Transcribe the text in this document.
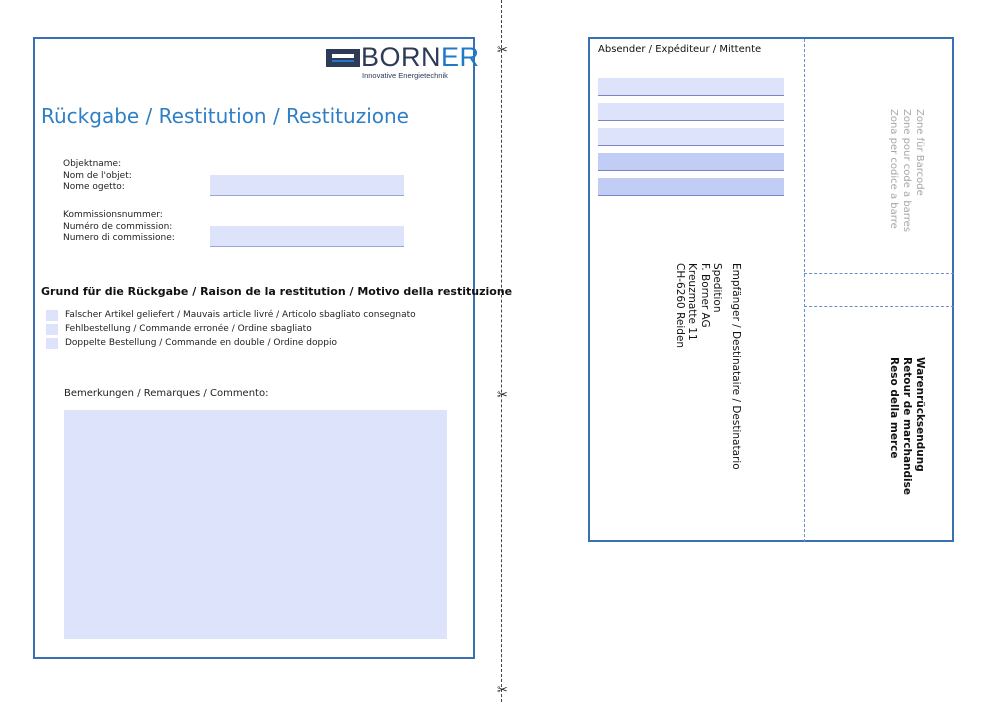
BORNER
Innovative Energietechnik
Rückgabe / Restitution / Restituzione
Objektname:
Nom de l'objet:
Nome ogetto:
Kommissionsnummer:
Numéro de commission:
Numero di commissione:
Grund für die Rückgabe / Raison de la restitution / Motivo della restituzione
Falscher Artikel geliefert / Mauvais article livré / Articolo sbagliato consegnato
Fehlbestellung / Commande erronée / Ordine sbagliato
Doppelte Bestellung / Commande en double / Ordine doppio
Bemerkungen / Remarques / Commento:
✂
✂
✂
Absender / Expéditeur / Mittente
Zone für Barcode
Zone pour code a barres
Zona per codice a barre
Empfänger / Destinataire / Destinatario
Spedition
F. Borner AG
Kreuzmatte 11
CH-6260 Reiden
Warenrücksendung
Retour de marchandise
Reso della merce
